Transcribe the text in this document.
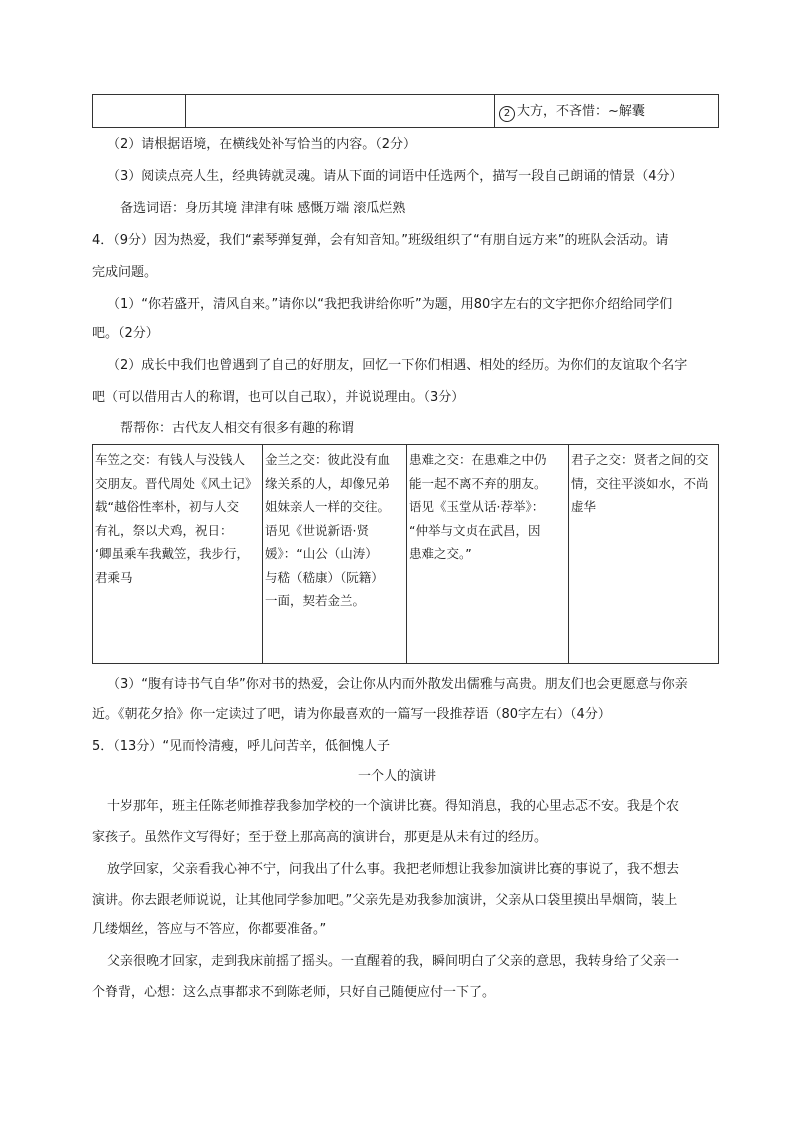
		2 大方，不吝惜：~解囊
（2）请根据语境，在横线处补写恰当的内容。（2分）
（3）阅读点亮人生，经典铸就灵魂。请从下面的词语中任选两个，描写一段自己朗诵的情景（4分）
备选词语：身历其境 津津有味 感慨万端 滚瓜烂熟
4．（9分）因为热爱，我们“素琴弹复弹，会有知音知。”班级组织了“有朋自远方来”的班队会活动。请
完成问题。
（1）“你若盛开，清风自来。”请你以“我把我讲给你听”为题，用80字左右的文字把你介绍给同学们
吧。（2分）
（2）成长中我们也曾遇到了自己的好朋友，回忆一下你们相遇、相处的经历。为你们的友谊取个名字
吧（可以借用古人的称谓，也可以自己取），并说说理由。（3分）
帮帮你：古代友人相交有很多有趣的称谓
车笠之交：有钱人与没钱人
交朋友。晋代周处《风土记》
载“越俗性率朴，初与人交
有礼，祭以犬鸡，祝日：
‘卿虽乘车我戴笠，我步行，
君乘马

金兰之交：彼此没有血
缘关系的人，却像兄弟
姐妹亲人一样的交往。
语见《世说新语·贤
媛》：“山公（山涛）
与嵇（嵇康）（阮籍）
一面，契若金兰。

患难之交：在患难之中仍
能一起不离不弃的朋友。
语见《玉堂从话·荐举》：
“仲举与文贞在武昌，因
患难之交。”

君子之交：贤者之间的交
情，交往平淡如水，不尚
虚华
（3）“腹有诗书气自华”你对书的热爱，会让你从内而外散发出儒雅与高贵。朋友们也会更愿意与你亲
近。《朝花夕拾》你一定读过了吧，请为你最喜欢的一篇写一段推荐语（80字左右）（4分）
5．（13分）“见而怜清瘦，呼儿问苦辛，低徊愧人子
一个人的演讲
十岁那年，班主任陈老师推荐我参加学校的一个演讲比赛。得知消息，我的心里忐忑不安。我是个农
家孩子。虽然作文写得好；至于登上那高高的演讲台，那更是从未有过的经历。
放学回家，父亲看我心神不宁，问我出了什么事。我把老师想让我参加演讲比赛的事说了，我不想去
演讲。你去跟老师说说，让其他同学参加吧。”父亲先是劝我参加演讲，父亲从口袋里摸出旱烟筒，装上
几缕烟丝，答应与不答应，你都要准备。”
父亲很晚才回家，走到我床前摇了摇头。一直醒着的我，瞬间明白了父亲的意思，我转身给了父亲一
个脊背，心想：这么点事都求不到陈老师，只好自己随便应付一下了。
